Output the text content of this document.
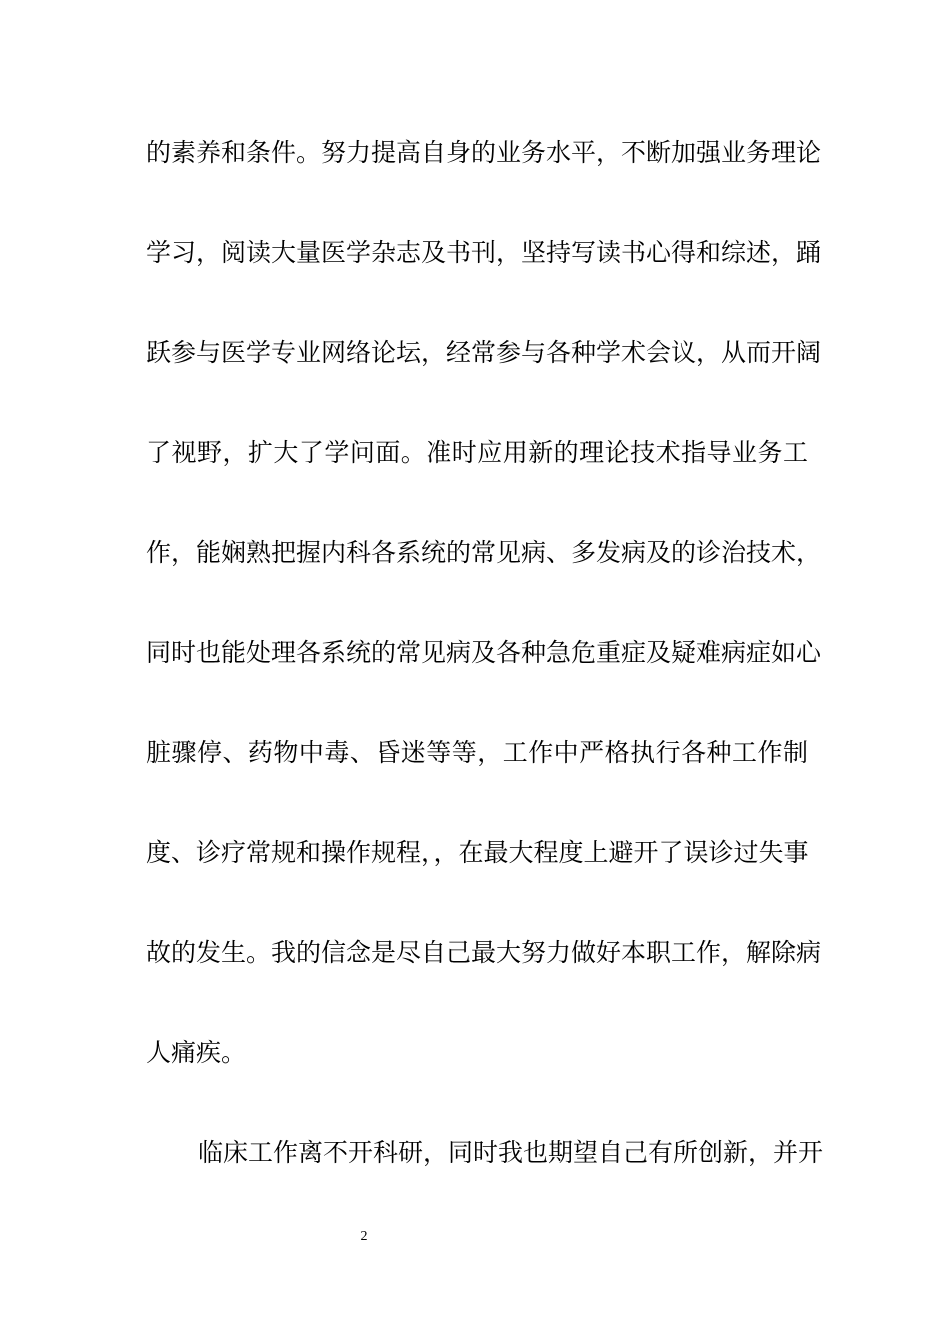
的素养和条件。努力提高自身的业务水平，不断加强业务理论
学习，阅读大量医学杂志及书刊，坚持写读书心得和综述，踊
跃参与医学专业网络论坛，经常参与各种学术会议，从而开阔
了视野，扩大了学问面。准时应用新的理论技术指导业务工
作，能娴熟把握内科各系统的常见病、多发病及的诊治技术，
同时也能处理各系统的常见病及各种急危重症及疑难病症如心
脏骤停、药物中毒、昏迷等等，工作中严格执行各种工作制
度、诊疗常规和操作规程，，在最大程度上避开了误诊过失事
故的发生。我的信念是尽自己最大努力做好本职工作，解除病
人痛疾。
临床工作离不开科研，同时我也期望自己有所创新，并开
2
